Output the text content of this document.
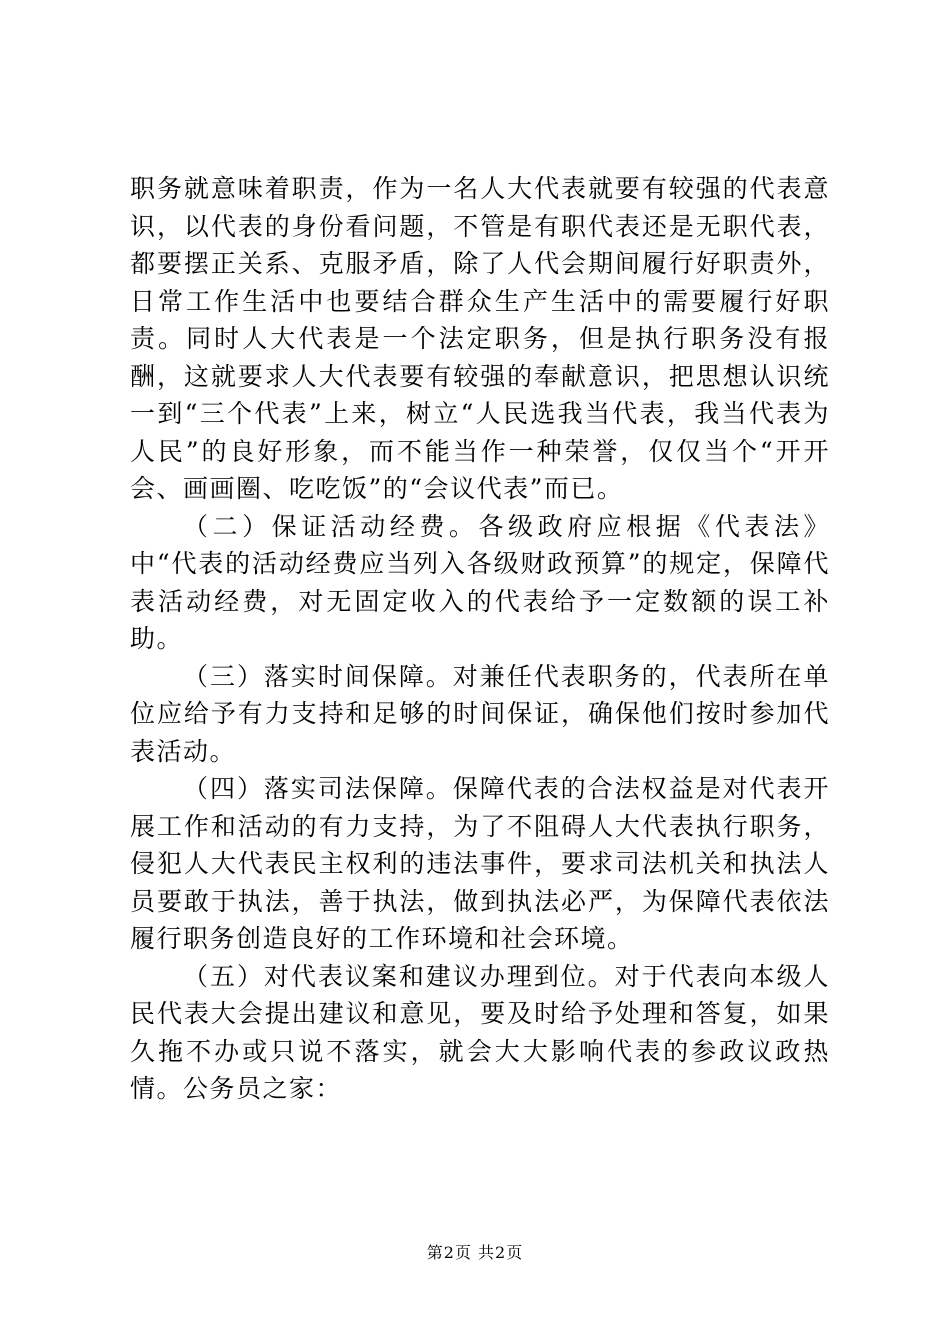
职务就意味着职责，作为一名人大代表就要有较强的代表意识，以代表的身份看问题，不管是有职代表还是无职代表，都要摆正关系、克服矛盾，除了人代会期间履行好职责外，日常工作生活中也要结合群众生产生活中的需要履行好职责。同时人大代表是一个法定职务，但是执行职务没有报酬，这就要求人大代表要有较强的奉献意识，把思想认识统一到“三个代表”上来，树立“人民选我当代表，我当代表为人民”的良好形象，而不能当作一种荣誉，仅仅当个“开开会、画画圈、吃吃饭”的“会议代表”而已。

（二）保证活动经费。各级政府应根据《代表法》中“代表的活动经费应当列入各级财政预算”的规定，保障代表活动经费，对无固定收入的代表给予一定数额的误工补助。

（三）落实时间保障。对兼任代表职务的，代表所在单位应给予有力支持和足够的时间保证，确保他们按时参加代表活动。

（四）落实司法保障。保障代表的合法权益是对代表开展工作和活动的有力支持，为了不阻碍人大代表执行职务，侵犯人大代表民主权利的违法事件，要求司法机关和执法人员要敢于执法，善于执法，做到执法必严，为保障代表依法履行职务创造良好的工作环境和社会环境。

（五）对代表议案和建议办理到位。对于代表向本级人民代表大会提出建议和意见，要及时给予处理和答复，如果久拖不办或只说不落实，就会大大影响代表的参政议政热情。公务员之家：

第2页 共2页
